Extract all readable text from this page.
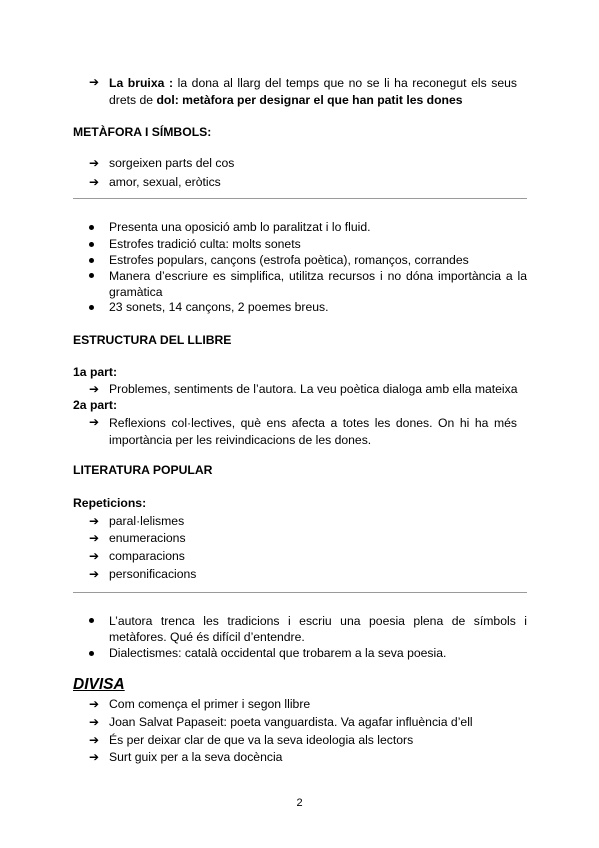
➔ La bruixa : la dona al llarg del temps que no se li ha reconegut els seus drets de dol: metàfora per designar el que han patit les dones
METÀFORA I SÍMBOLS:
➔ sorgeixen parts del cos
➔ amor, sexual, eròtics
Presenta una oposició amb lo paralitzat i lo fluid.
Estrofes tradició culta: molts sonets
Estrofes populars, cançons (estrofa poètica), romanços, corrandes
Manera d’escriure es simplifica, utilitza recursos i no dóna importància a la gramàtica
23 sonets, 14 cançons, 2 poemes breus.
ESTRUCTURA DEL LLIBRE
1a part:
➔ Problemes, sentiments de l’autora. La veu poètica dialoga amb ella mateixa
2a part:
➔ Reflexions col·lectives, què ens afecta a totes les dones. On hi ha més importància per les reivindicacions de les dones.
LITERATURA POPULAR
Repeticions:
➔ paral·lelismes
➔ enumeracions
➔ comparacions
➔ personificacions
L’autora trenca les tradicions i escriu una poesia plena de símbols i metàfores. Qué és difícil d’entendre.
Dialectismes: català occidental que trobarem a la seva poesia.
DIVISA
➔ Com comença el primer i segon llibre
➔ Joan Salvat Papaseit: poeta vanguardista. Va agafar influència d’ell
➔ És per deixar clar de que va la seva ideologia als lectors
➔ Surt guix per a la seva docència
2
